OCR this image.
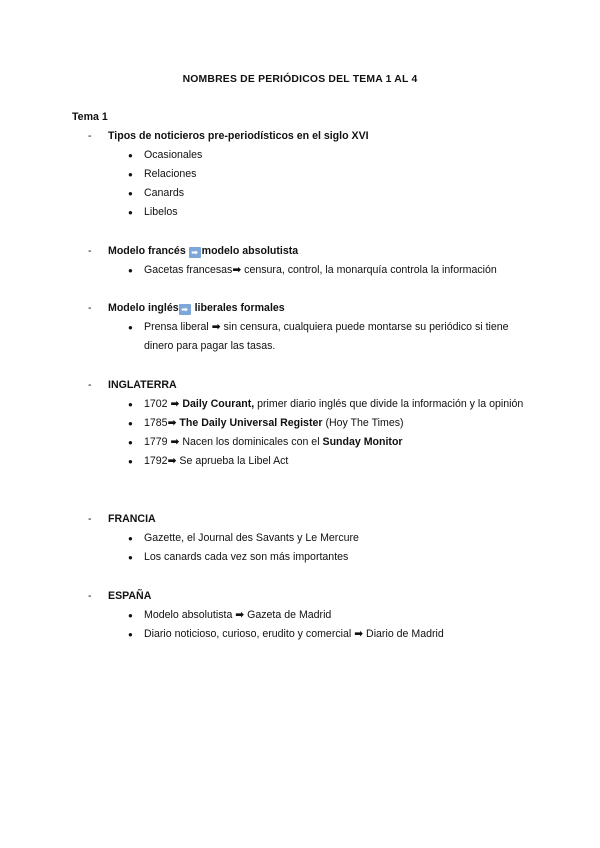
NOMBRES DE PERIÓDICOS DEL TEMA 1 AL 4
Tema 1
- Tipos de noticieros pre-periodísticos en el siglo XVI
● Ocasionales
● Relaciones
● Canards
● Libelos
- Modelo francés ➡ modelo absolutista
● Gacetas francesas➡ censura, control, la monarquía controla la información
- Modelo inglés ➡ liberales formales
● Prensa liberal ➡ sin censura, cualquiera puede montarse su periódico si tiene dinero para pagar las tasas.
- INGLATERRA
● 1702 ➡ Daily Courant, primer diario inglés que divide la información y la opinión
● 1785➡ The Daily Universal Register (Hoy The Times)
● 1779 ➡ Nacen los dominicales con el Sunday Monitor
● 1792➡ Se aprueba la Libel Act
- FRANCIA
● Gazette, el Journal des Savants y Le Mercure
● Los canards cada vez son más importantes
- ESPAÑA
● Modelo absolutista ➡ Gazeta de Madrid
● Diario noticioso, curioso, erudito y comercial ➡ Diario de Madrid
